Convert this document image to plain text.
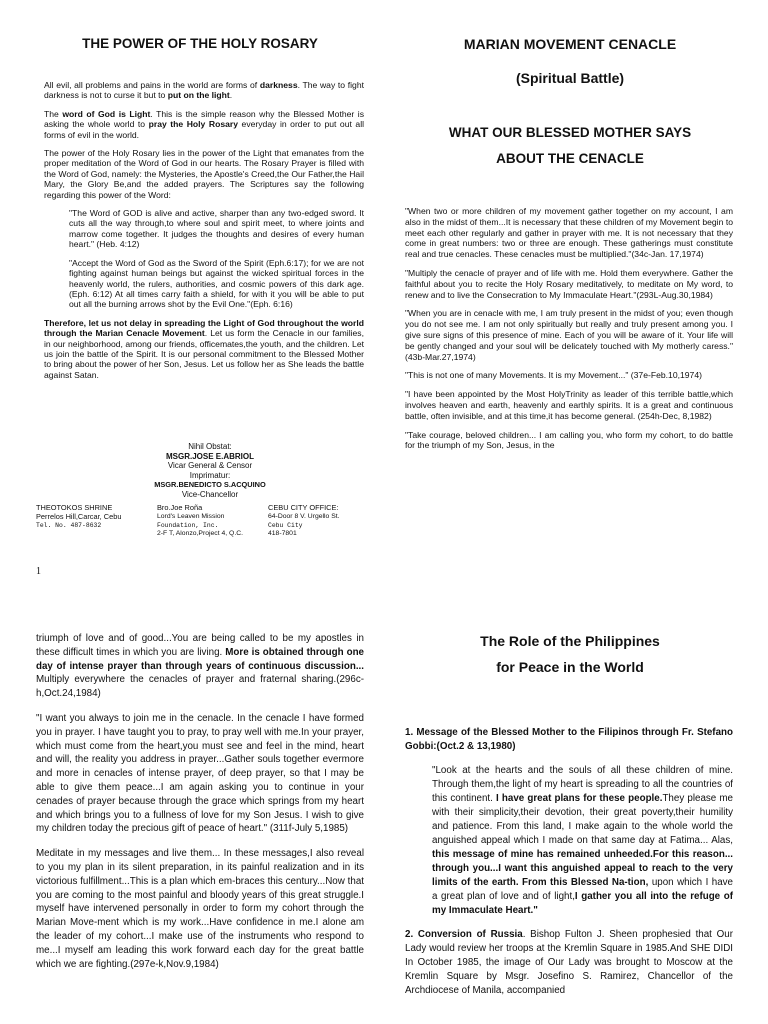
THE POWER OF THE HOLY ROSARY

All evil, all problems and pains in the world are forms of darkness. The way to fight darkness is not to curse it but to put on the light.

The word of God is Light. This is the simple reason why the Blessed Mother is asking the whole world to pray the Holy Rosary everyday in order to put out all forms of evil in the world.

The power of the Holy Rosary lies in the power of the Light that emanates from the proper meditation of the Word of God in our hearts. The Rosary Prayer is filled with the Word of God, namely: the Mysteries, the Apostle's Creed,the Our Father,the Hail Mary, the Glory Be,and the added prayers. The Scriptures say the following regarding this power of the Word:

"The Word of GOD is alive and active, sharper than any two-edged sword. It cuts all the way through,to where soul and spirit meet, to where joints and marrow come together. It judges the thoughts and desires of every human heart." (Heb. 4:12)

"Accept the Word of God as the Sword of the Spirit (Eph.6:17); for we are not fighting against human beings but against the wicked spiritual forces in the heavenly world, the rulers, authorities, and cosmic powers of this dark age. (Eph. 6:12) At all times carry faith a shield, for with it you will be able to put out all the burning arrows shot by the Evil One."(Eph. 6:16)

Therefore, let us not delay in spreading the Light of God throughout the world through the Marian Cenacle Movement. Let us form the Cenacle in our families, in our neighborhood, among our friends, officemates,the youth, and the children. Let us join the battle of the Spirit. It is our personal commitment to the Blessed Mother to bring about the power of her Son, Jesus. Let us follow her as She leads the battle against Satan.

Nihil Obstat:
MSGR.JOSE E.ABRIOL
Vicar General & Censor
Imprimatur:
MSGR.BENEDICTO S.ACQUINO
Vice-Chancellor
THEOTOKOS SHRINE
Perrelos Hill,Carcar, Cebu
Tel. No. 487-8632
Bro.Joe Roña
Lord's Leaven Mission
Foundation, Inc.
2-F T, Alonzo,Project 4, Q.C.
CEBU CITY OFFICE:
64-Door 8 V. Urgello St.
Cebu City
418-7801
1
MARIAN MOVEMENT CENACLE
(Spiritual Battle)
WHAT OUR BLESSED MOTHER SAYS
ABOUT THE CENACLE

"When two or more children of my movement gather together on my account, I am also in the midst of them...It is necessary that these children of my Movement begin to meet each other regularly and gather in prayer with me. It is not necessary that they come in great numbers: two or three are enough. These gatherings must constitute real and true cenacles. These cenacles must be multiplied."(34c-Jan. 17,1974)

"Multiply the cenacle of prayer and of life with me. Hold them everywhere. Gather the faithful about you to recite the Holy Rosary meditatively, to meditate on My word, to renew and to live the Consecration to My Immaculate Heart."(293L-Aug.30,1984)

"When you are in cenacle with me, I am truly present in the midst of you; even though you do not see me. I am not only spiritually but really and truly present among you. I give sure signs of this presence of mine. Each of you will be aware of it. Your life will be gently changed and your soul will be delicately touched with My motherly caress." (43b-Mar.27,1974)

"This is not one of many Movements. It is my Movement..." (37e-Feb.10,1974)

"I have been appointed by the Most HolyTrinity as leader of this terrible battle,which involves heaven and earth, heavenly and earthly spirits. It is a great and continuous battle, often invisible, and at this time,it has become general. (254h-Dec, 8,1982)

"Take courage, beloved children... I am calling you, who form my cohort, to do battle for the triumph of my Son, Jesus, in the

triumph of love and of good...You are being called to be my apostles in these difficult times in which you are living. More is obtained through one day of intense prayer than through years of continuous discussion... Multiply everywhere the cenacles of prayer and fraternal sharing.(296c-h,Oct.24,1984)

"I want you always to join me in the cenacle. In the cenacle I have formed you in prayer. I have taught you to pray, to pray well with me.In your prayer, which must come from the heart,you must see and feel in the mind, heart and will, the reality you address in prayer...Gather souls together evermore and more in cenacles of intense prayer, of deep prayer, so that I may be able to give them peace...I am again asking you to continue in your cenades of prayer because through the grace which springs from my heart and which brings you to a fullness of love for my Son Jesus. I wish to give my children today the precious gift of peace of heart." (311f-July 5,1985)

Meditate in my messages and live them... In these messages,I also reveal to you my plan in its silent preparation, in its painful realization and in its victorious fulfillment...This is a plan which em-braces this century...Now that you are coming to the most painful and bloody years of this great struggle.I myself have intervened personally in order to form my cohort through the Marian Move-ment which is my work...Have confidence in me.I alone am the leader of my cohort...I make use of the instruments who respond to me...I myself am leading this work forward each day for the great battle which we are fighting.(297e-k,Nov.9,1984)

The Role of the Philippines
for Peace in the World

1. Message of the Blessed Mother to the Filipinos through Fr. Stefano Gobbi:(Oct.2 & 13,1980)

"Look at the hearts and the souls of all these children of mine. Through them,the light of my heart is spreading to all the countries of this continent. I have great plans for these people.They please me with their simplicity,their devotion, their great poverty,their humility and patience. From this land, I make again to the whole world the anguished appeal which I made on that same day at Fatima... Alas, this message of mine has remained unheeded.For this reason... through you...I want this anguished appeal to reach to the very limits of the earth. From this Blessed Na-tion, upon which I have a great plan of love and of light,I gather you all into the refuge of my Immaculate Heart."

2. Conversion of Russia. Bishop Fulton J. Sheen prophesied that Our Lady would review her troops at the Kremlin Square in 1985.And SHE DIDI In October 1985, the image of Our Lady was brought to Moscow at the Kremlin Square by Msgr. Josefino S. Ramirez, Chancellor of the Archdiocese of Manila, accompanied
